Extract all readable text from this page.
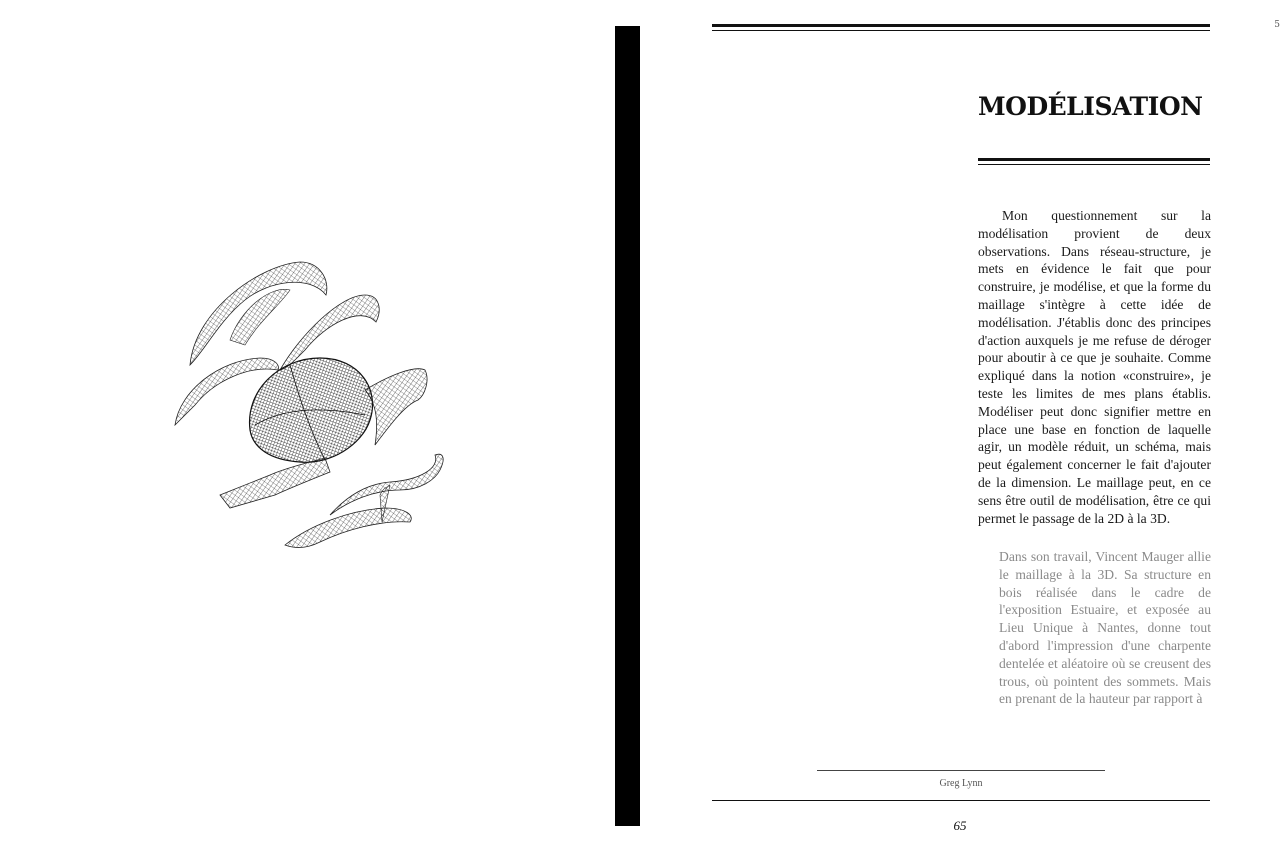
5
MODÉLISATION

Mon questionnement sur la modélisation provient de deux observations. Dans réseau-structure, je mets en évidence le fait que pour construire, je modélise, et que la forme du maillage s'intègre à cette idée de modélisation. J'établis donc des principes d'action auxquels je me refuse de déroger pour aboutir à ce que je souhaite. Comme expliqué dans la notion «construire», je teste les limites de mes plans établis. Modéliser peut donc signifier mettre en place une base en fonction de laquelle agir, un modèle réduit, un schéma, mais peut également concerner le fait d'ajouter de la dimension. Le maillage peut, en ce sens être outil de modélisation, être ce qui permet le passage de la 2D à la 3D.

Dans son travail, Vincent Mauger allie le maillage à la 3D. Sa structure en bois réalisée dans le cadre de l'exposition Estuaire, et exposée au Lieu Unique à Nantes, donne tout d'abord l'impression d'une charpente dentelée et aléatoire où se creusent des trous, où pointent des sommets. Mais en prenant de la hauteur par rapport à

Greg Lynn
65
